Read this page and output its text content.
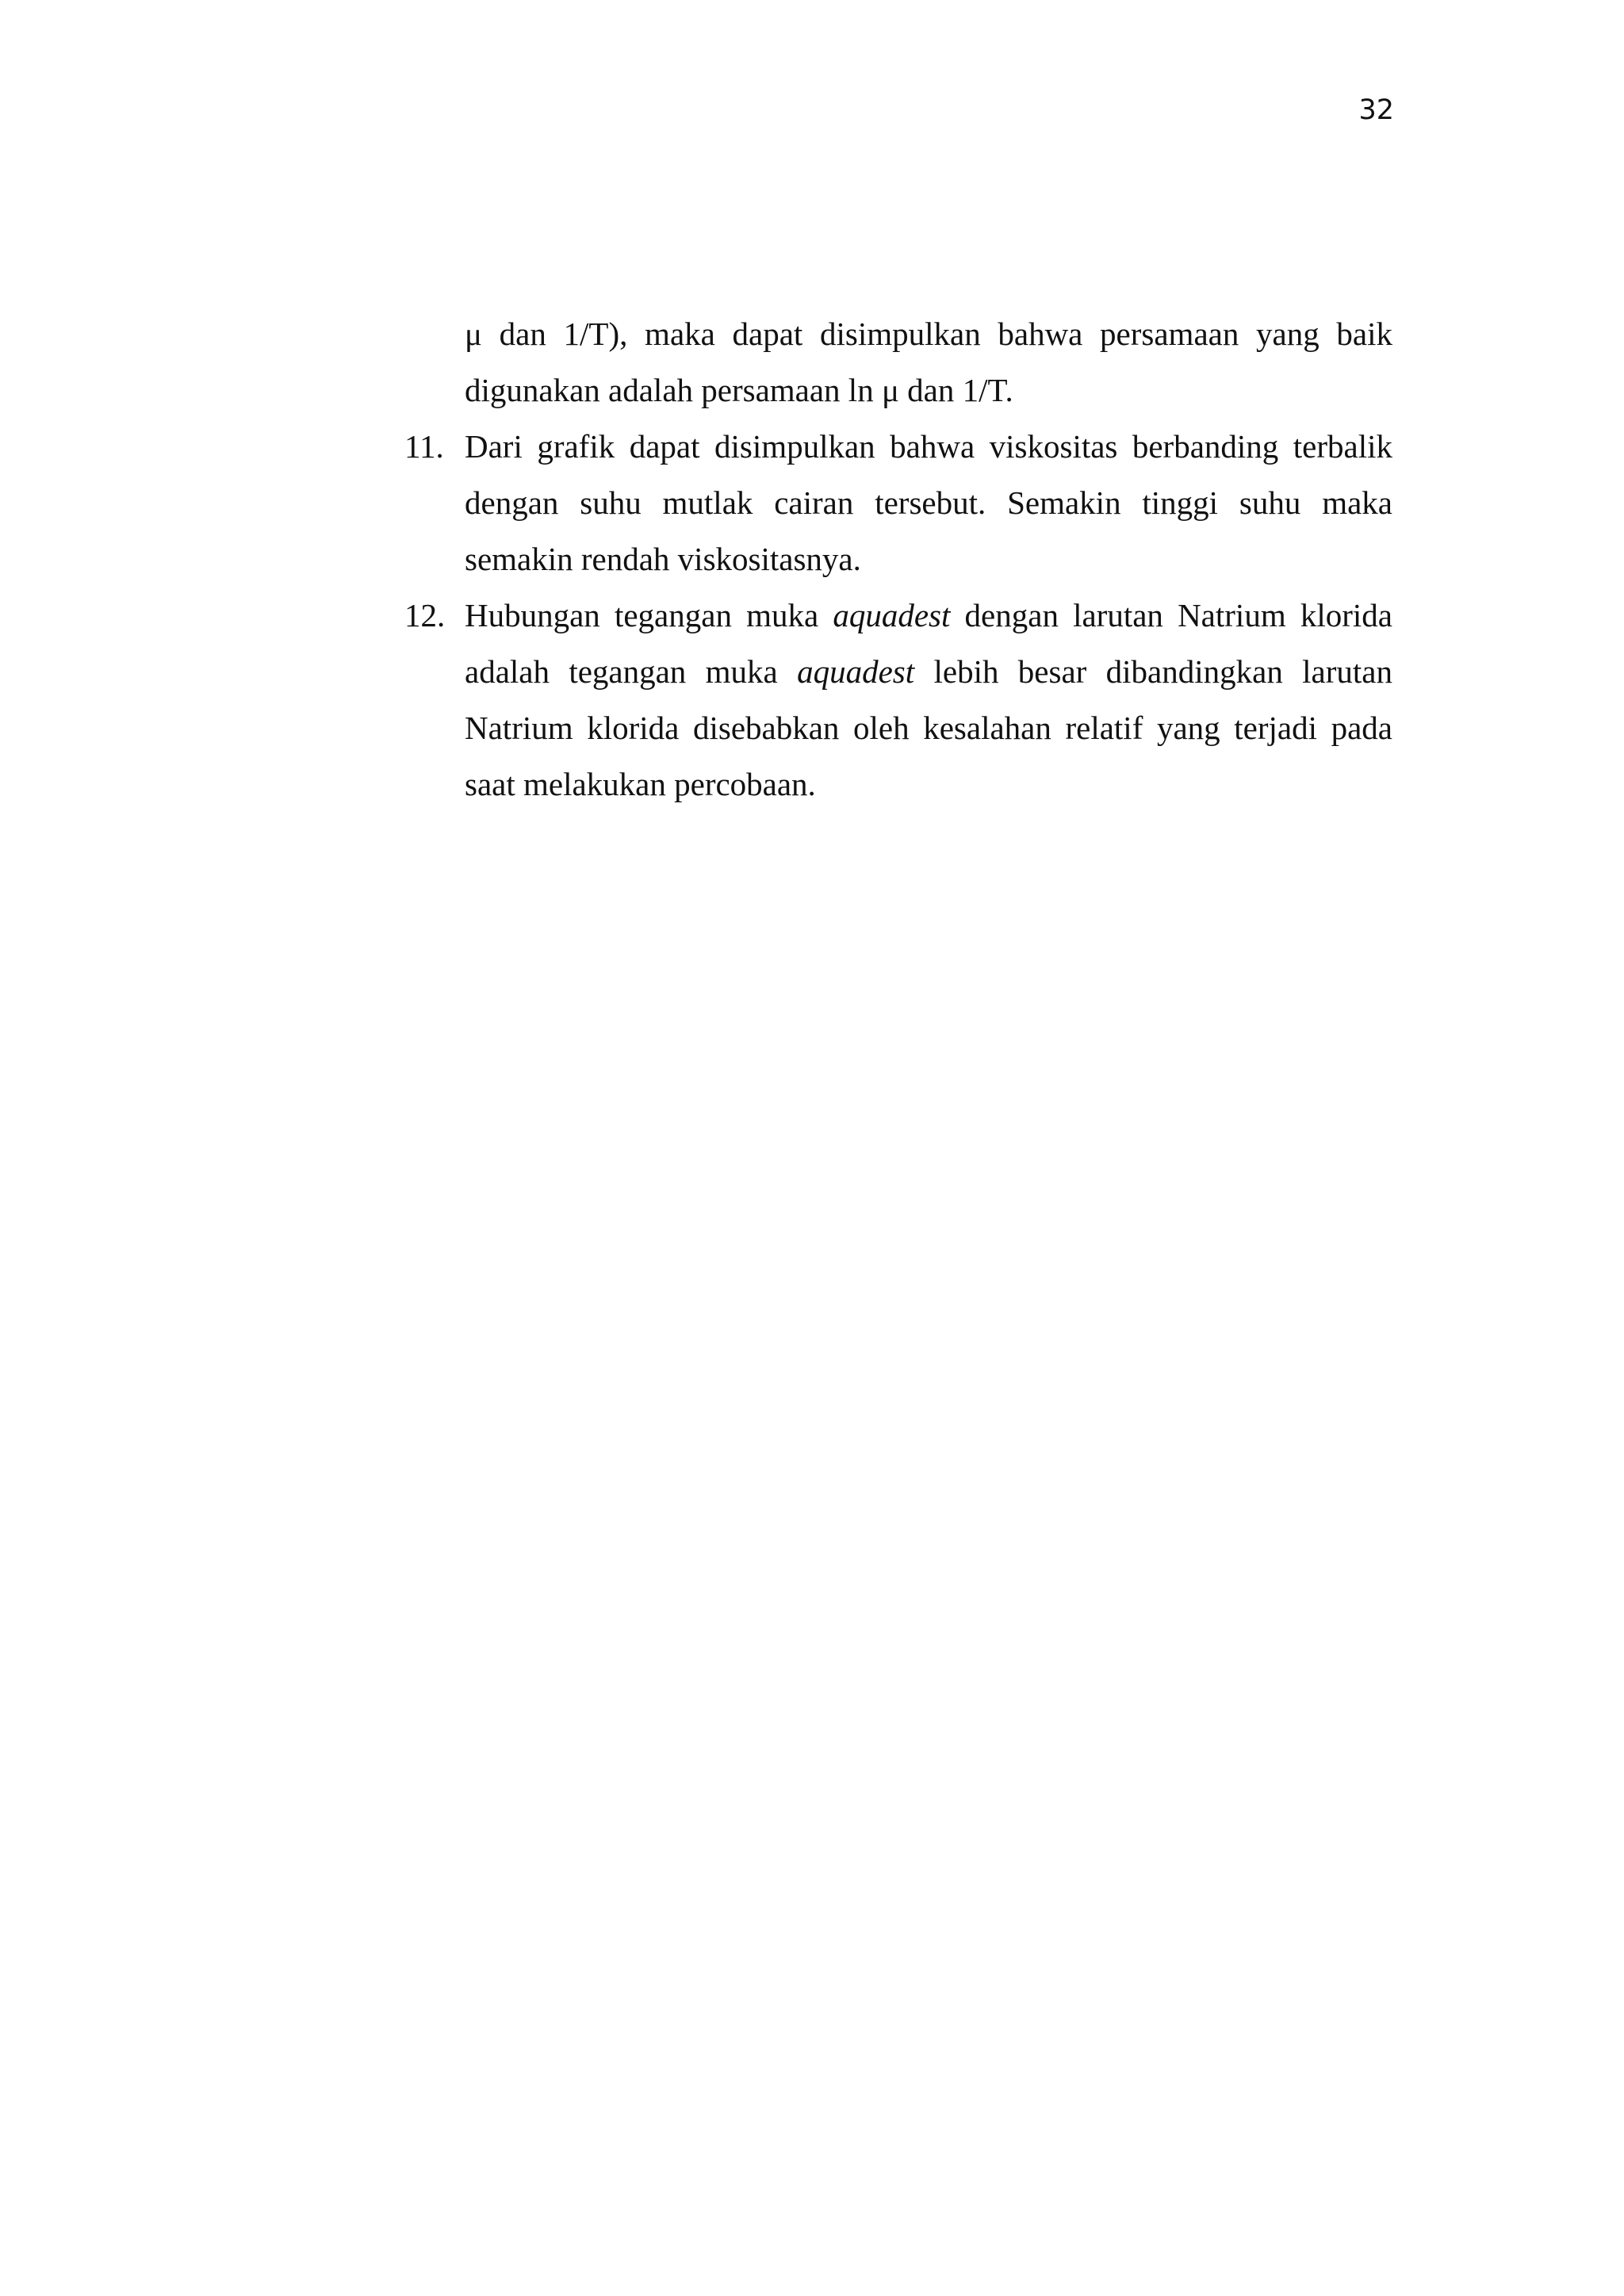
32

μ dan 1/T), maka dapat disimpulkan bahwa persamaan yang baik digunakan adalah persamaan ln μ dan 1/T.

11. Dari grafik dapat disimpulkan bahwa viskositas berbanding terbalik dengan suhu mutlak cairan tersebut. Semakin tinggi suhu maka semakin rendah viskositasnya.
12. Hubungan tegangan muka aquadest dengan larutan Natrium klorida adalah tegangan muka aquadest lebih besar dibandingkan larutan Natrium klorida disebabkan oleh kesalahan relatif yang terjadi pada saat melakukan percobaan.
